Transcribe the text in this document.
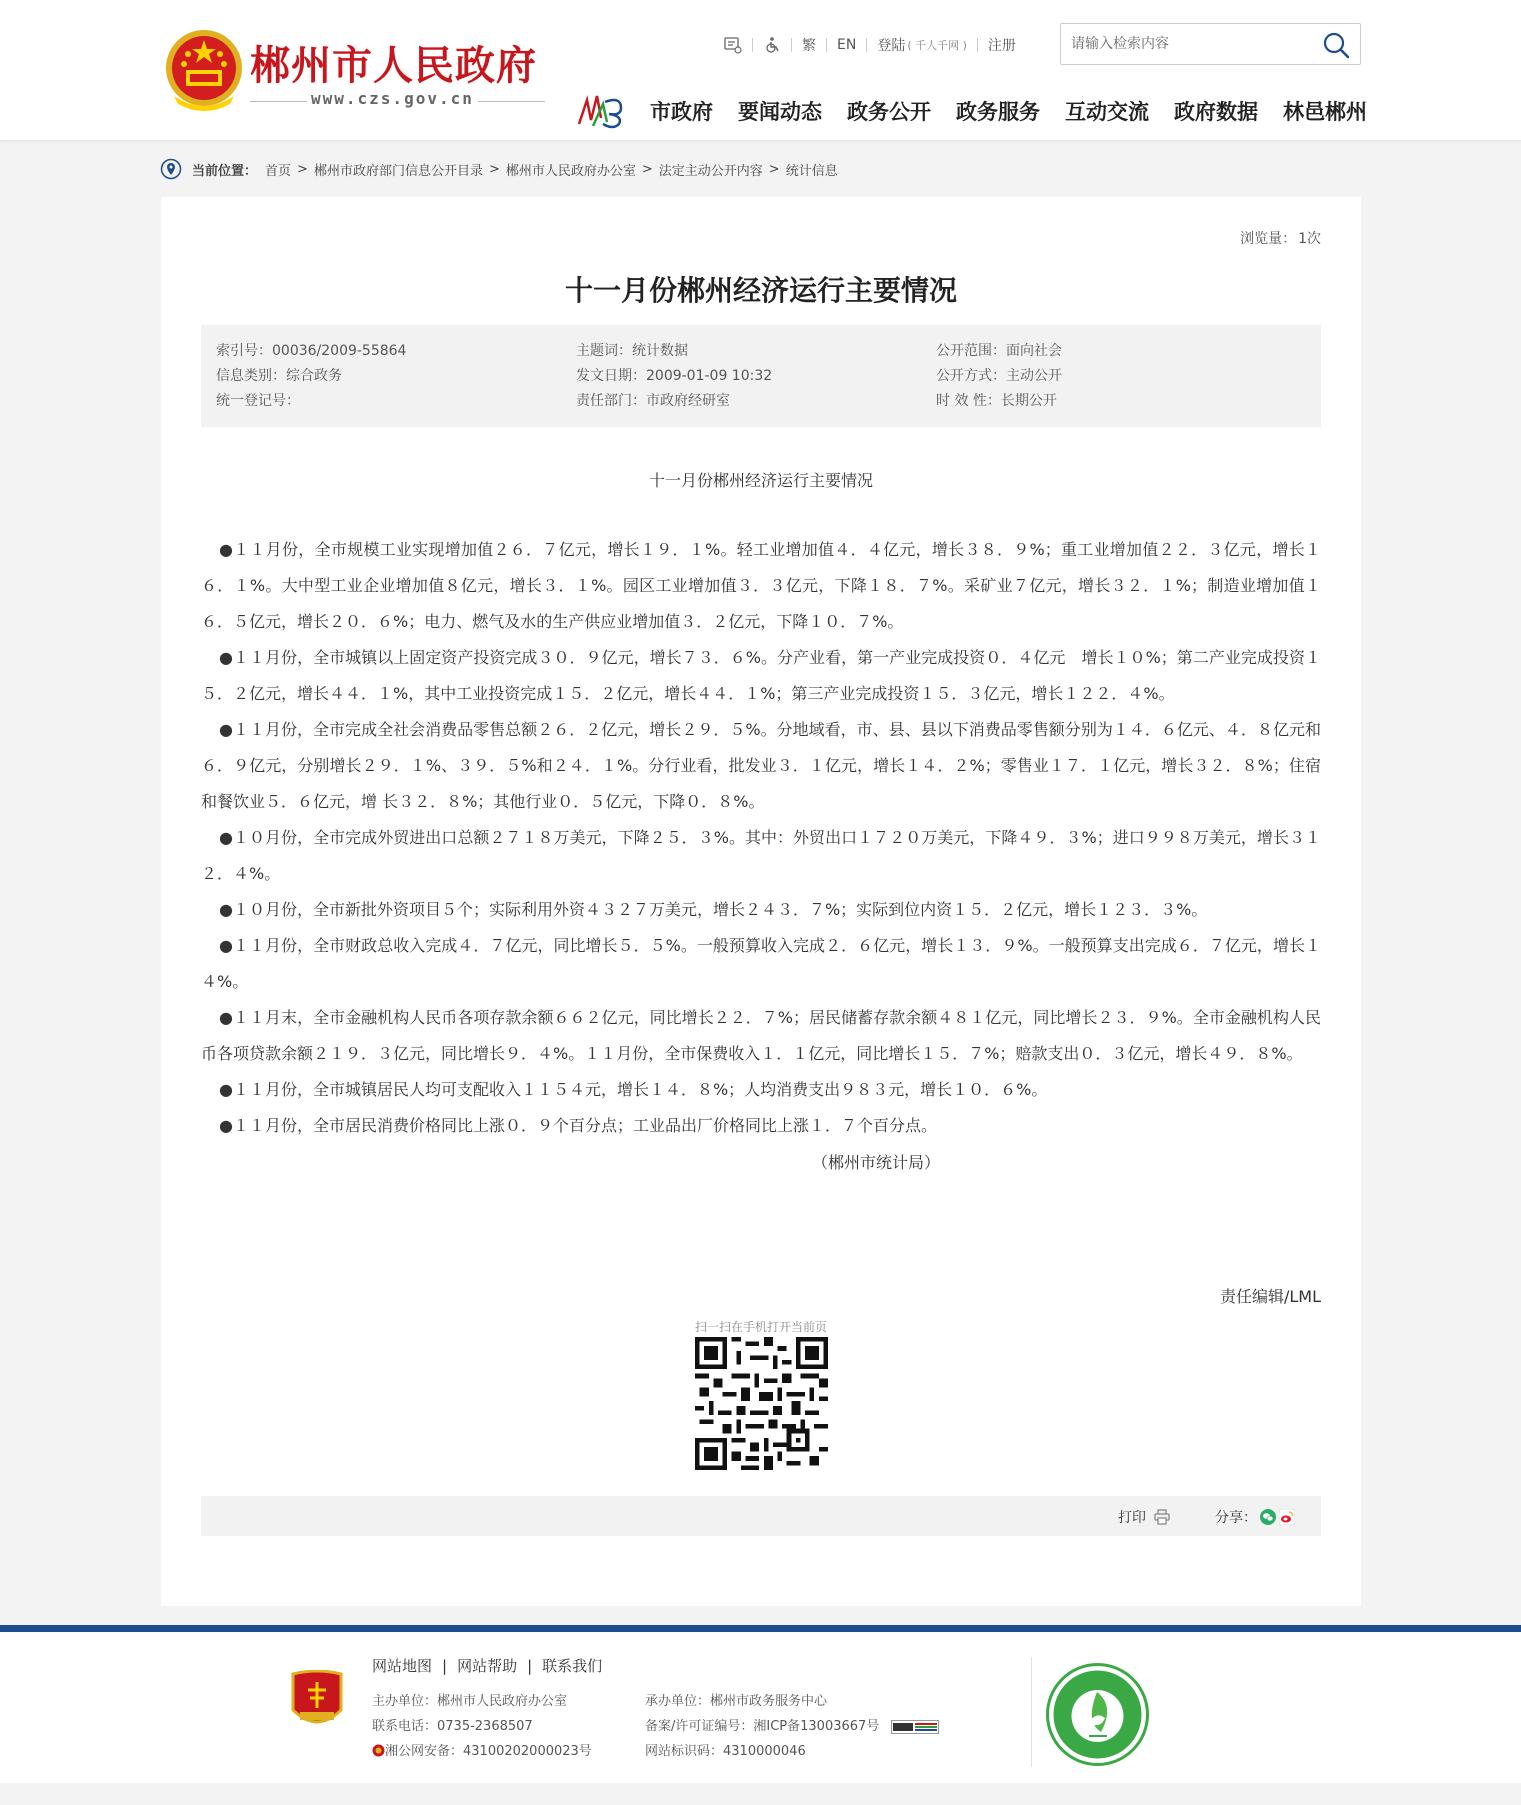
郴州市人民政府
www.czs.gov.cn
繁 EN 登陆 ( 千人千网 ) 注册
请输入检索内容
市政府 要闻动态 政务公开 政务服务 互动交流 政府数据 林邑郴州
当前位置： 首页 > 郴州市政府部门信息公开目录 > 郴州市人民政府办公室 > 法定主动公开内容 > 统计信息
浏览量： 1次
十一月份郴州经济运行主要情况
索引号：00036/2009-55864
信息类别：综合政务
统一登记号：
主题词：统计数据
发文日期：2009-01-09 10:32
责任部门：市政府经研室
公开范围：面向社会
公开方式：主动公开
时 效 性：长期公开
十一月份郴州经济运行主要情况

●１１月份，全市规模工业实现增加值２６．７亿元，增长１９．１%。轻工业增加值４．４亿元，增长３８．９%；重工业增加值２２．３亿元，增长１６．１%。大中型工业企业增加值８亿元，增长３．１%。园区工业增加值３．３亿元，下降１８．７%。采矿业７亿元，增长３２．１%；制造业增加值１６．５亿元，增长２０．６%；电力、燃气及水的生产供应业增加值３．２亿元，下降１０．７%。

●１１月份，全市城镇以上固定资产投资完成３０．９亿元，增长７３．６%。分产业看，第一产业完成投资０．４亿元　增长１０%；第二产业完成投资１５．２亿元，增长４４．１%，其中工业投资完成１５．２亿元，增长４４．１%；第三产业完成投资１５．３亿元，增长１２２．４%。

●１１月份，全市完成全社会消费品零售总额２６．２亿元，增长２９．５%。分地域看，市、县、县以下消费品零售额分别为１４．６亿元、４．８亿元和６．９亿元，分别增长２９．１%、３９．５%和２４．１%。分行业看，批发业３．１亿元，增长１４．２%；零售业１７．１亿元，增长３２．８%；住宿和餐饮业５．６亿元，增 长３２．８%；其他行业０．５亿元，下降０．８%。

●１０月份，全市完成外贸进出口总额２７１８万美元，下降２５．３%。其中：外贸出口１７２０万美元，下降４９．３%；进口９９８万美元，增长３１２．４%。

●１０月份，全市新批外资项目５个；实际利用外资４３２７万美元，增长２４３．７%；实际到位内资１５．２亿元，增长１２３．３%。

●１１月份，全市财政总收入完成４．７亿元，同比增长５．５%。一般预算收入完成２．６亿元，增长１３．９%。一般预算支出完成６．７亿元，增长１４%。

●１１月末，全市金融机构人民币各项存款余额６６２亿元，同比增长２２．７%；居民储蓄存款余额４８１亿元，同比增长２３．９%。全市金融机构人民币各项贷款余额２１９．３亿元，同比增长９．４%。１１月份，全市保费收入１．１亿元，同比增长１５．７%；赔款支出０．３亿元，增长４９．８%。

●１１月份，全市城镇居民人均可支配收入１１５４元，增长１４．８%；人均消费支出９８３元，增长１０．６%。

●１１月份，全市居民消费价格同比上涨０．９个百分点；工业品出厂价格同比上涨１．７个百分点。

（郴州市统计局）
责任编辑/LML
扫一扫在手机打开当前页
打印	分享：
网站地图 | 网站帮助 | 联系我们
主办单位：郴州市人民政府办公室
联系电话：0735-2368507
湘公网安备：43100202000023号
承办单位：郴州市政务服务中心
备案/许可证编号：湘ICP备13003667号
网站标识码：4310000046
